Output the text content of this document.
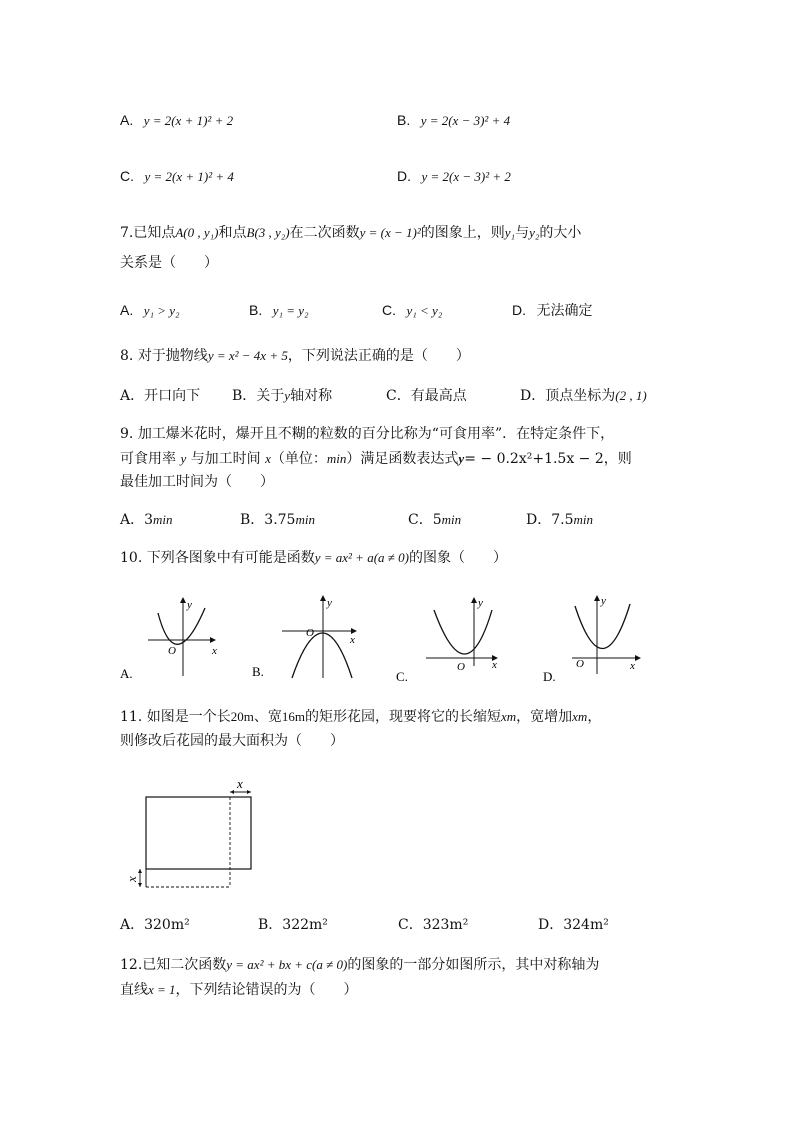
A. y = 2(x + 1)² + 2	B. y = 2(x − 3)² + 4
C. y = 2(x + 1)² + 4	D. y = 2(x − 3)² + 2
7.已知点A(0 , y₁)和点B(3 , y₂)在二次函数y = (x − 1)²的图象上，则y₁与y₂的大小
关系是（　　）
A. y₁ > y₂	B. y₁ = y₂	C. y₁ < y₂	D. 无法确定
8. 对于抛物线y = x² − 4x + 5，下列说法正确的是（　　）
A．开口向下 B．关于y轴对称	C．有最高点	D．顶点坐标为(2 , 1)
9. 加工爆米花时，爆开且不糊的粒数的百分比称为“可食用率”．在特定条件下，
可食用率 y 与加工时间 x（单位：min）满足函数表达式y= − 0.2x²+1.5x − 2，则
最佳加工时间为（　　）
A．3min	B．3.75min	C．5min	D．7.5min
10. 下列各图象中有可能是函数y = ax² + a(a ≠ 0)的图象（　　）
y
x
O
A.
y
x
O
B.
y
x
O
C.
y
x
O
D.
11. 如图是一个长20m、宽16m的矩形花园，现要将它的长缩短xm，宽增加xm，
则修改后花园的最大面积为（　　）
x
x
A．320m²	B．322m²	C．323m²	D．324m²
12.已知二次函数y = ax² + bx + c(a ≠ 0)的图象的一部分如图所示，其中对称轴为
直线x = 1，下列结论错误的为（　　）
